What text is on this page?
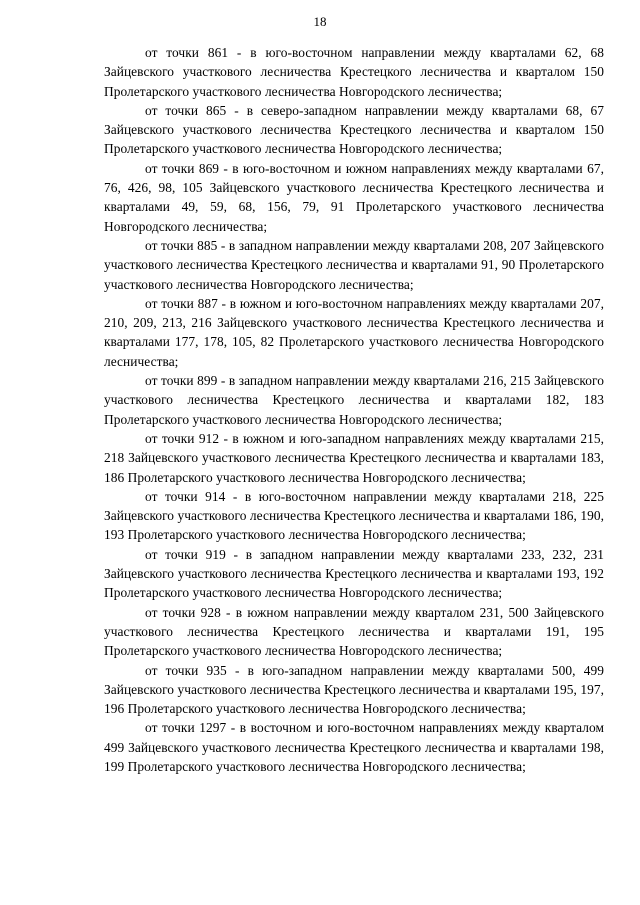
18

от точки 861 - в юго-восточном направлении между кварталами 62, 68 Зайцевского участкового лесничества Крестецкого лесничества и кварталом 150 Пролетарского участкового лесничества Новгородского лесничества;

от точки 865 - в северо-западном направлении между кварталами 68, 67 Зайцевского участкового лесничества Крестецкого лесничества и кварталом 150 Пролетарского участкового лесничества Новгородского лесничества;

от точки 869 - в юго-восточном и южном направлениях между кварталами 67, 76, 426, 98, 105 Зайцевского участкового лесничества Крестецкого лесничества и кварталами 49, 59, 68, 156, 79, 91 Пролетарского участкового лесничества Новгородского лесничества;

от точки 885 - в западном направлении между кварталами 208, 207 Зайцевского участкового лесничества Крестецкого лесничества и кварталами 91, 90 Пролетарского участкового лесничества Новгородского лесничества;

от точки 887 - в южном и юго-восточном направлениях между кварталами 207, 210, 209, 213, 216 Зайцевского участкового лесничества Крестецкого лесничества и кварталами 177, 178, 105, 82 Пролетарского участкового лесничества Новгородского лесничества;

от точки 899 - в западном направлении между кварталами 216, 215 Зайцевского участкового лесничества Крестецкого лесничества и кварталами 182, 183 Пролетарского участкового лесничества Новгородского лесничества;

от точки 912 - в южном и юго-западном направлениях между кварталами 215, 218 Зайцевского участкового лесничества Крестецкого лесничества и кварталами 183, 186 Пролетарского участкового лесничества Новгородского лесничества;

от точки 914 - в юго-восточном направлении между кварталами 218, 225 Зайцевского участкового лесничества Крестецкого лесничества и кварталами 186, 190, 193 Пролетарского участкового лесничества Новгородского лесничества;

от точки 919 - в западном направлении между кварталами 233, 232, 231 Зайцевского участкового лесничества Крестецкого лесничества и кварталами 193, 192 Пролетарского участкового лесничества Новгородского лесничества;

от точки 928 - в южном направлении между кварталом 231, 500 Зайцевского участкового лесничества Крестецкого лесничества и кварталами 191, 195 Пролетарского участкового лесничества Новгородского лесничества;

от точки 935 - в юго-западном направлении между кварталами 500, 499 Зайцевского участкового лесничества Крестецкого лесничества и кварталами 195, 197, 196 Пролетарского участкового лесничества Новгородского лесничества;

от точки 1297 - в восточном и юго-восточном направлениях между кварталом 499 Зайцевского участкового лесничества Крестецкого лесничества и кварталами 198, 199 Пролетарского участкового лесничества Новгородского лесничества;
